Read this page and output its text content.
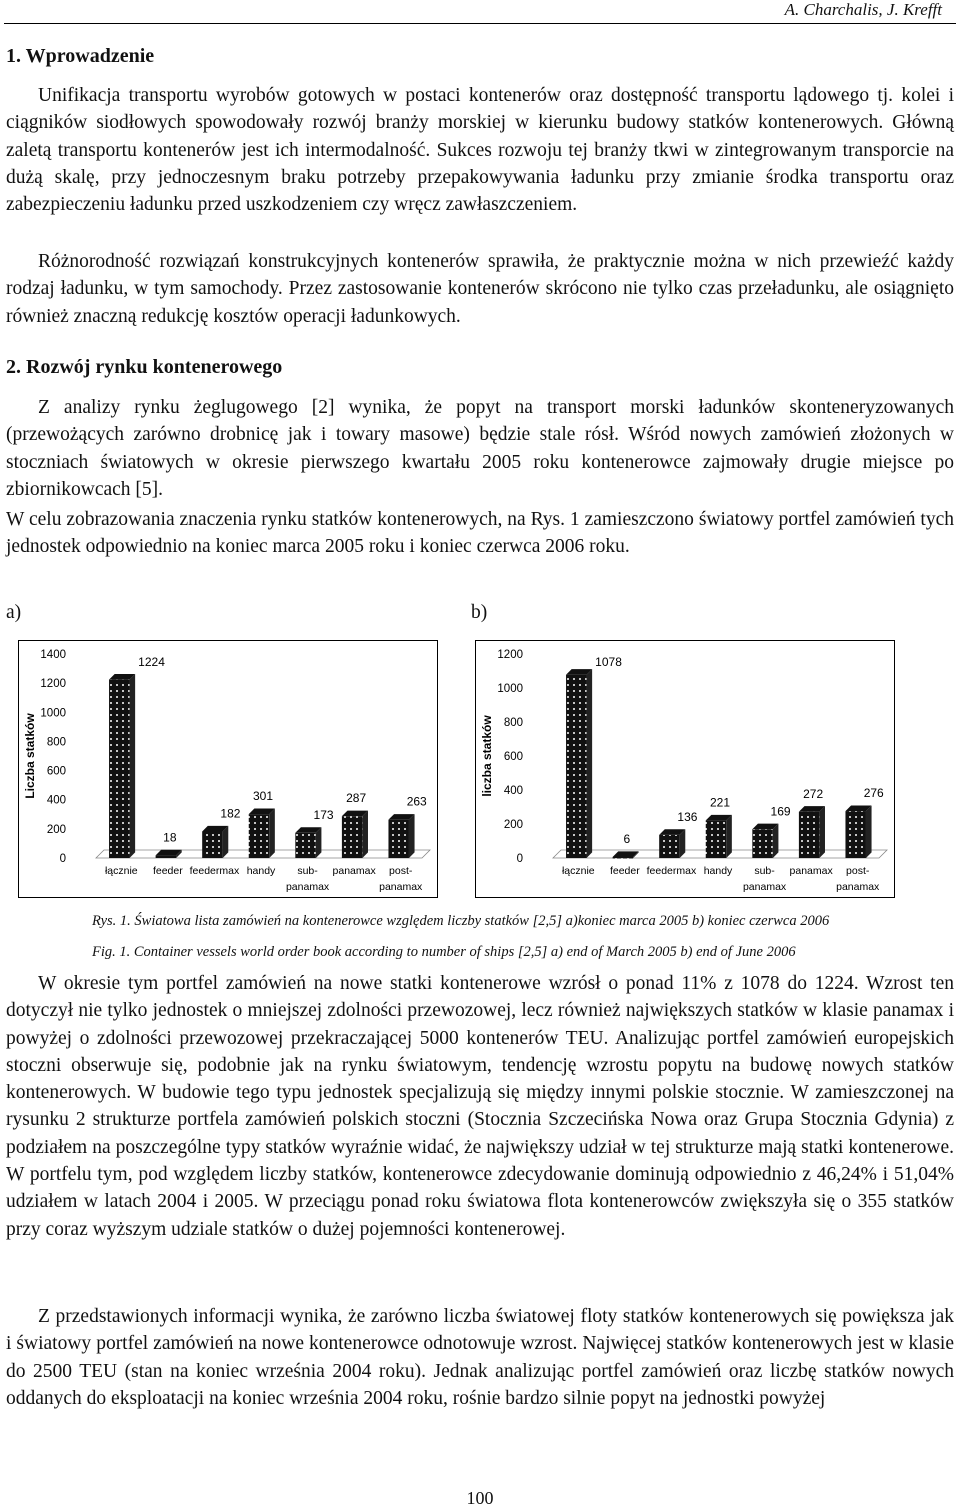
A. Charchalis, J. Krefft
1. Wprowadzenie

Unifikacja transportu wyrobów gotowych w postaci kontenerów oraz dostępność transportu lądowego tj. kolei i ciągników siodłowych spowodowały rozwój branży morskiej w kierunku budowy statków kontenerowych. Główną zaletą transportu kontenerów jest ich intermodalność. Sukces rozwoju tej branży tkwi w zintegrowanym transporcie na dużą skalę, przy jednoczesnym braku potrzeby przepakowywania ładunku przy zmianie środka transportu oraz zabezpieczeniu ładunku przed uszkodzeniem czy wręcz zawłaszczeniem.

Różnorodność rozwiązań konstrukcyjnych kontenerów sprawiła, że praktycznie można w nich przewieźć każdy rodzaj ładunku, w tym samochody. Przez zastosowanie kontenerów skrócono nie tylko czas przeładunku, ale osiągnięto również znaczną redukcję kosztów operacji ładunkowych.

2. Rozwój rynku kontenerowego

Z analizy rynku żeglugowego [2] wynika, że popyt na transport morski ładunków skonteneryzowanych (przewożących zarówno drobnicę jak i towary masowe) będzie stale rósł. Wśród nowych zamówień złożonych w stoczniach światowych w okresie pierwszego kwartału 2005 roku kontenerowce zajmowały drugie miejsce po zbiornikowcach [5].

W celu zobrazowania znaczenia rynku statków kontenerowych, na Rys. 1 zamieszczono światowy portfel zamówień tych jednostek odpowiednio na koniec marca 2005 roku i koniec czerwca 2006 roku.

a)	b)
Liczba statków
0
200
400
600
800
1000
1200
1400	1224
łącznie
18
feeder
182
feedermax
301
handy
173
sub-
panamax
287
panamax
263
post-
panamax
liczba statków
0
200
400
600
800
1000
1200	1078
łącznie
6
feeder
136
feedermax
221
handy
169
sub-
panamax
272
panamax
276
post-
panamax
Rys. 1. Światowa lista zamówień na kontenerowce względem liczby statków [2,5] a)koniec marca 2005 b) koniec czerwca 2006
Fig. 1. Container vessels world order book according to number of ships [2,5] a) end of March 2005 b) end of June 2006

W okresie tym portfel zamówień na nowe statki kontenerowe wzrósł o ponad 11% z 1078 do 1224. Wzrost ten dotyczył nie tylko jednostek o mniejszej zdolności przewozowej, lecz również największych statków w klasie panamax i powyżej o zdolności przewozowej przekraczającej 5000 kontenerów TEU. Analizując portfel zamówień europejskich stoczni obserwuje się, podobnie jak na rynku światowym, tendencję wzrostu popytu na budowę nowych statków kontenerowych. W budowie tego typu jednostek specjalizują się między innymi polskie stocznie. W zamieszczonej na rysunku 2 strukturze portfela zamówień polskich stoczni (Stocznia Szczecińska Nowa oraz Grupa Stocznia Gdynia) z podziałem na poszczególne typy statków wyraźnie widać, że największy udział w tej strukturze mają statki kontenerowe. W portfelu tym, pod względem liczby statków, kontenerowce zdecydowanie dominują odpowiednio z 46,24% i 51,04% udziałem w latach 2004 i 2005. W przeciągu ponad roku światowa flota kontenerowców zwiększyła się o 355 statków przy coraz wyższym udziale statków o dużej pojemności kontenerowej.

Z przedstawionych informacji wynika, że zarówno liczba światowej floty statków kontenerowych się powiększa jak i światowy portfel zamówień na nowe kontenerowce odnotowuje wzrost. Najwięcej statków kontenerowych jest w klasie do 2500 TEU (stan na koniec września 2004 roku). Jednak analizując portfel zamówień oraz liczbę statków nowych oddanych do eksploatacji na koniec września 2004 roku, rośnie bardzo silnie popyt na jednostki powyżej

100
